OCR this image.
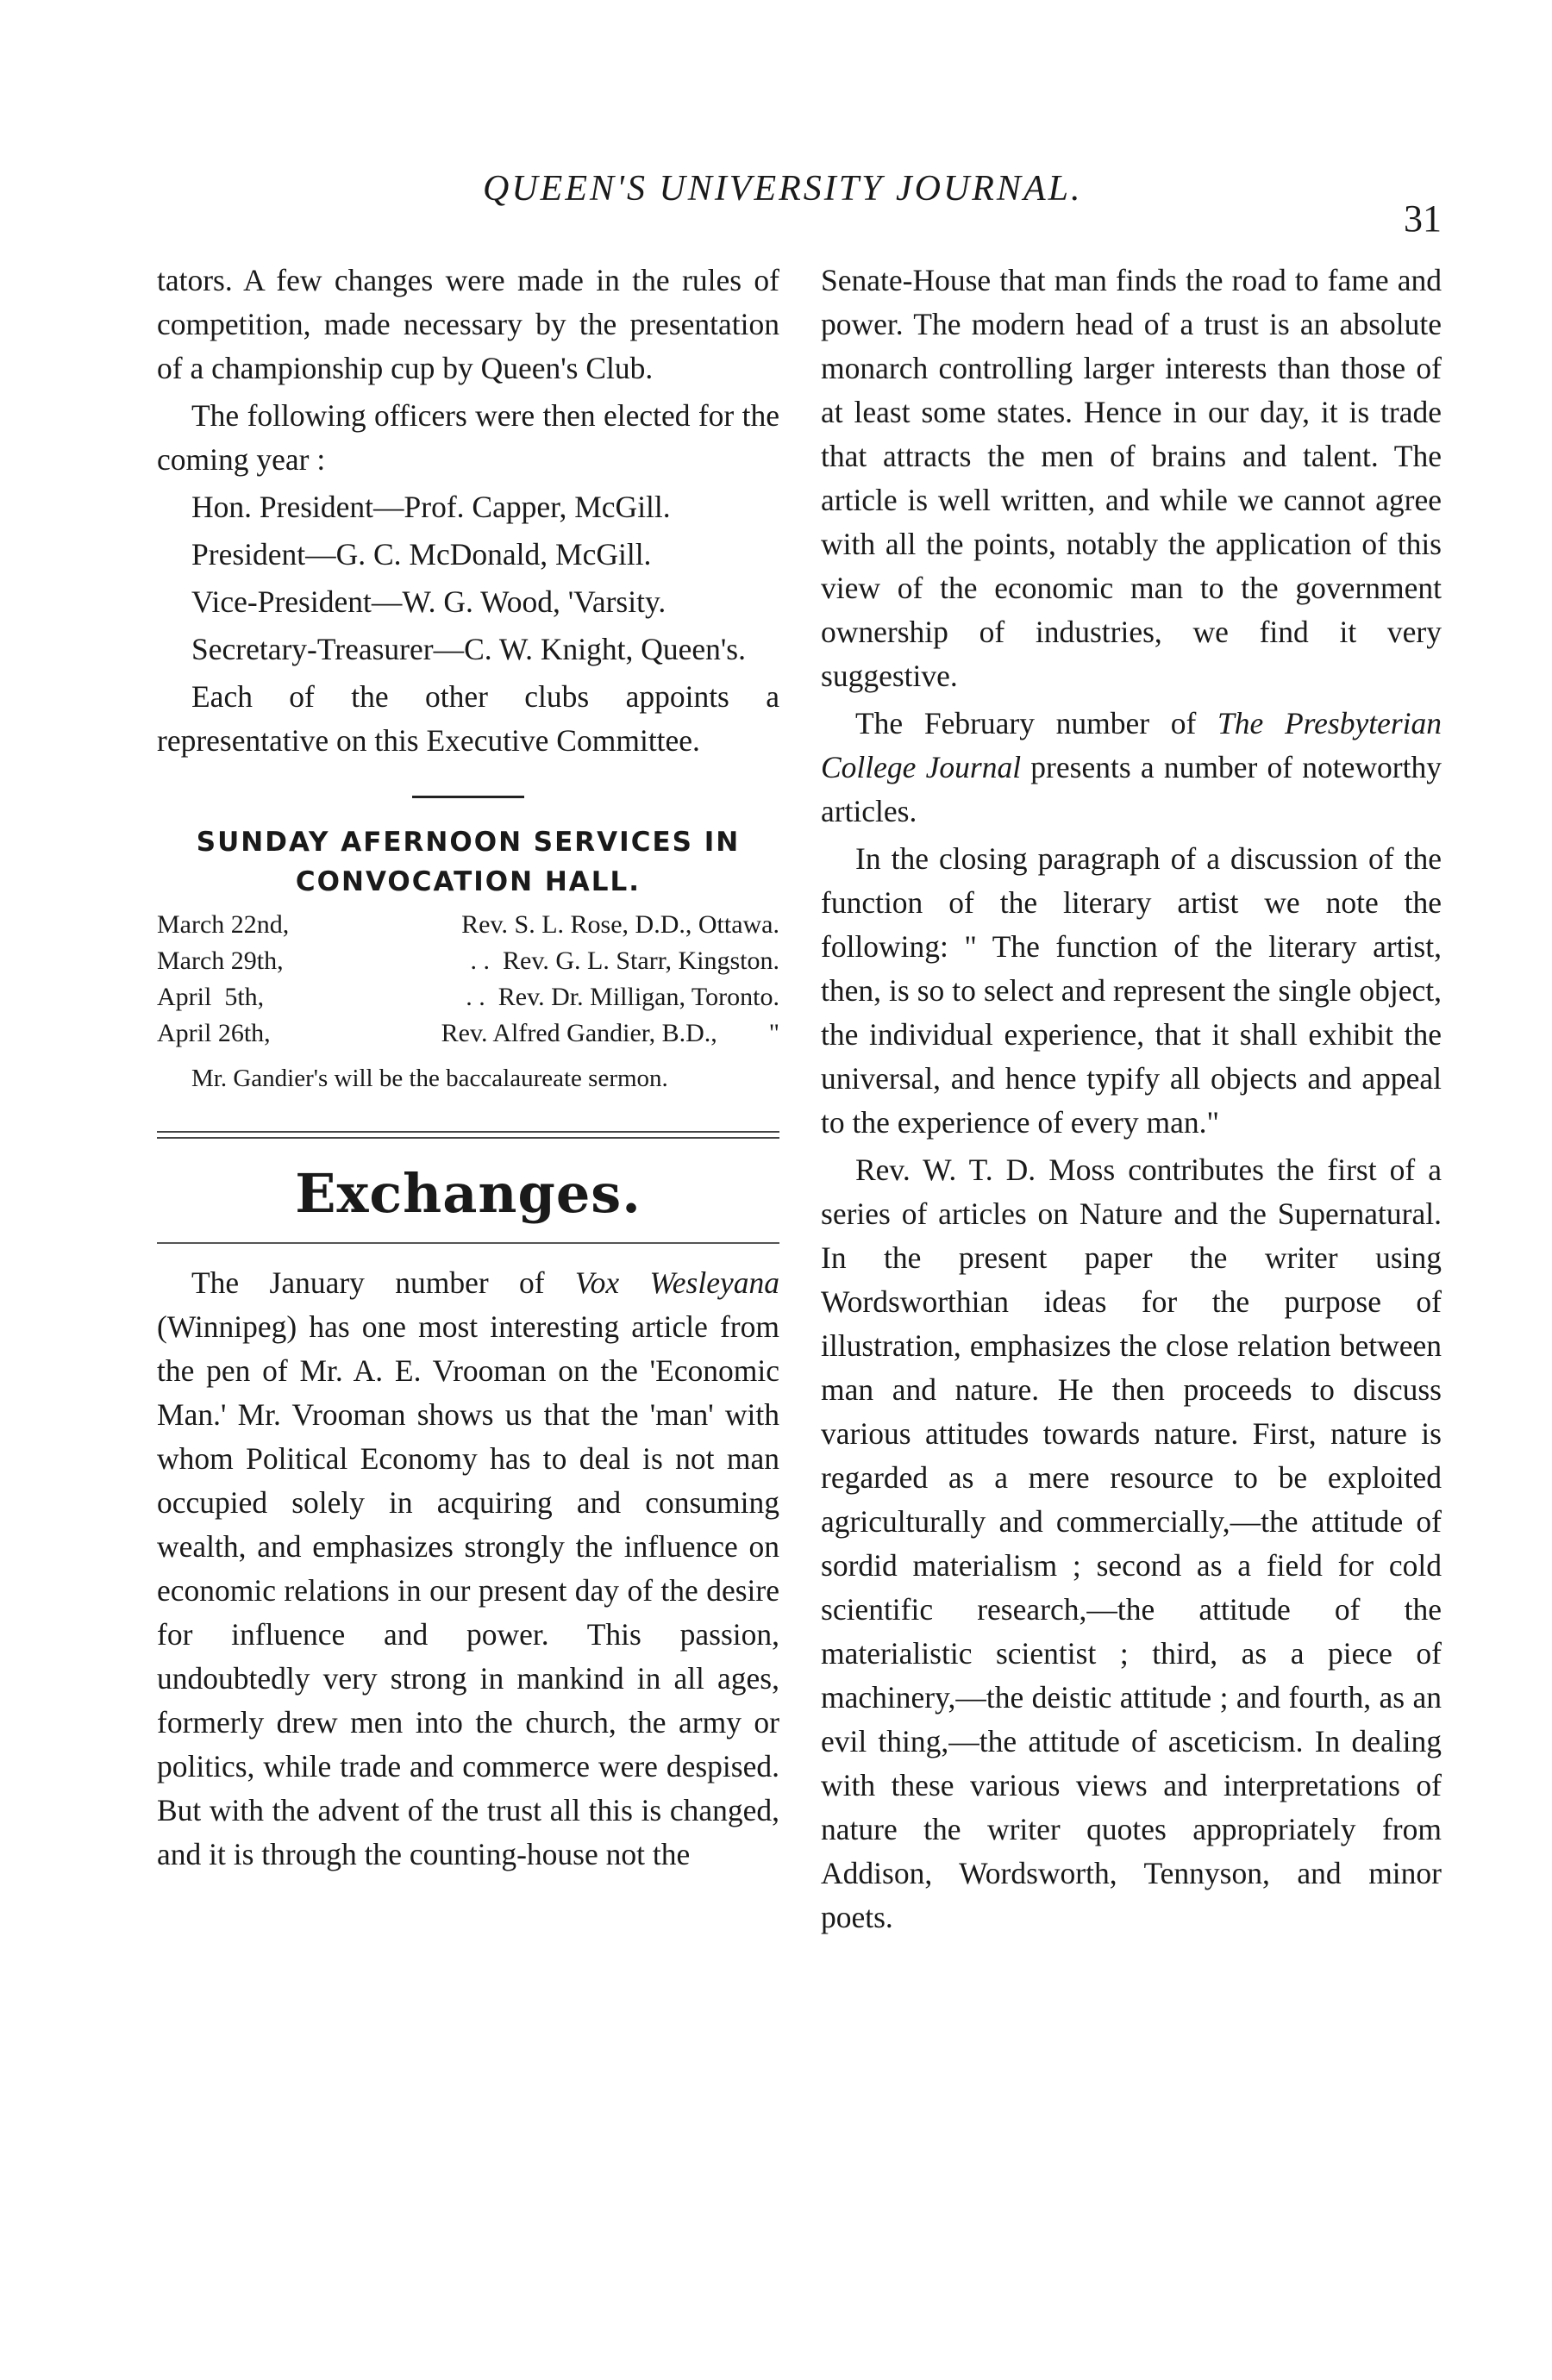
QUEEN'S UNIVERSITY JOURNAL.
31

tators. A few changes were made in the rules of competition, made necessary by the presentation of a championship cup by Queen's Club.

The following officers were then elected for the coming year :

Hon. President—Prof. Capper, McGill.

President—G. C. McDonald, McGill.

Vice-President—W. G. Wood, 'Varsity.

Secretary-Treasurer—C. W. Knight, Queen's.

Each of the other clubs appoints a representative on this Executive Committee.

SUNDAY AFERNOON SERVICES IN CONVOCATION HALL.
March 22nd,	Rev. S. L. Rose, D.D., Ottawa.
March 29th,	. .  Rev. G. L. Starr, Kingston.
April  5th,	. .  Rev. Dr. Milligan, Toronto.
April 26th,	Rev. Alfred Gandier, B.D.,        "
Mr. Gandier's will be the baccalaureate sermon.
Exchanges.

The January number of Vox Wesleyana (Winnipeg) has one most interesting article from the pen of Mr. A. E. Vrooman on the 'Economic Man.' Mr. Vrooman shows us that the 'man' with whom Political Economy has to deal is not man occupied solely in acquiring and consuming wealth, and emphasizes strongly the influence on economic relations in our present day of the desire for influence and power. This passion, undoubtedly very strong in mankind in all ages, formerly drew men into the church, the army or politics, while trade and commerce were despised. But with the advent of the trust all this is changed, and it is through the counting-house not the

Senate-House that man finds the road to fame and power. The modern head of a trust is an absolute monarch controlling larger interests than those of at least some states. Hence in our day, it is trade that attracts the men of brains and talent. The article is well written, and while we cannot agree with all the points, notably the application of this view of the economic man to the government ownership of industries, we find it very suggestive.

The February number of The Presbyterian College Journal presents a number of noteworthy articles.

In the closing paragraph of a discussion of the function of the literary artist we note the following: " The function of the literary artist, then, is so to select and represent the single object, the individual experience, that it shall exhibit the universal, and hence typify all objects and appeal to the experience of every man."

Rev. W. T. D. Moss contributes the first of a series of articles on Nature and the Supernatural. In the present paper the writer using Wordsworthian ideas for the purpose of illustration, emphasizes the close relation between man and nature. He then proceeds to discuss various attitudes towards nature. First, nature is regarded as a mere resource to be exploited agriculturally and commercially,—the attitude of sordid materialism ; second as a field for cold scientific research,—the attitude of the materialistic scientist ; third, as a piece of machinery,—the deistic attitude ; and fourth, as an evil thing,—the attitude of asceticism. In dealing with these various views and interpretations of nature the writer quotes appropriately from Addison, Wordsworth, Tennyson, and minor poets.
